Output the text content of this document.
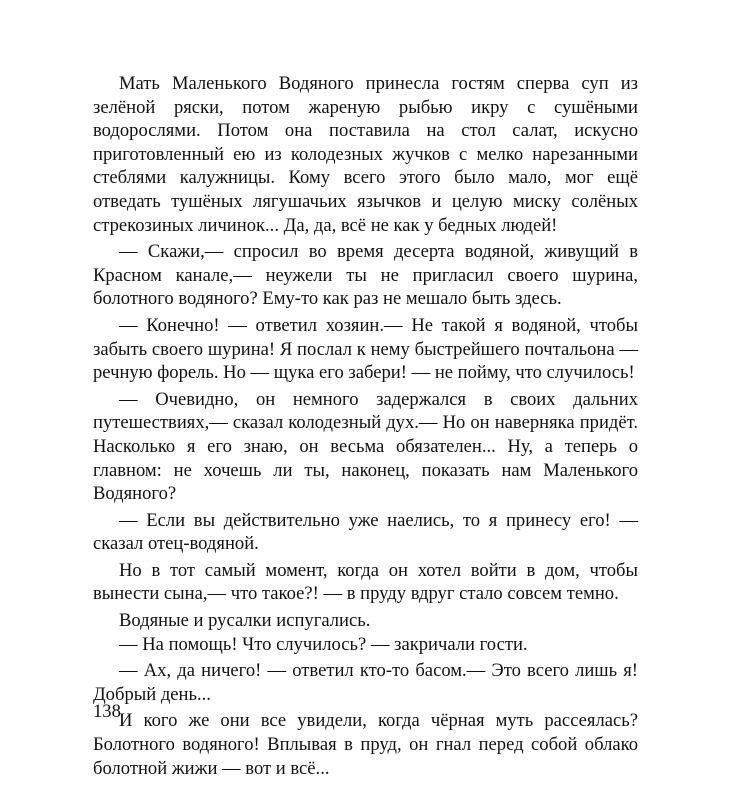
Мать Маленького Водяного принесла гостям сперва суп из зелёной ряски, потом жареную рыбью икру с сушёными водорослями. Потом она поставила на стол салат, искусно приготовленный ею из колодезных жучков с мелко нарезанными стеблями калужницы. Кому всего этого было мало, мог ещё отведать тушёных лягушачьих язычков и целую миску солёных стрекозиных личинок... Да, да, всё не как у бедных людей!

— Скажи,— спросил во время десерта водяной, живущий в Красном канале,— неужели ты не пригласил своего шурина, болотного водяного? Ему-то как раз не мешало быть здесь.

— Конечно! — ответил хозяин.— Не такой я водяной, чтобы забыть своего шурина! Я послал к нему быстрейшего почтальона — речную форель. Но — щука его забери! — не пойму, что случилось!

— Очевидно, он немного задержался в своих дальних путешествиях,— сказал колодезный дух.— Но он наверняка придёт. Насколько я его знаю, он весьма обязателен... Ну, а теперь о главном: не хочешь ли ты, наконец, показать нам Маленького Водяного?

— Если вы действительно уже наелись, то я принесу его! — сказал отец-водяной.

Но в тот самый момент, когда он хотел войти в дом, чтобы вынести сына,— что такое?! — в пруду вдруг стало совсем темно.

Водяные и русалки испугались.

— На помощь! Что случилось? — закричали гости.

— Ах, да ничего! — ответил кто-то басом.— Это всего лишь я! Добрый день...

И кого же они все увидели, когда чёрная муть рассеялась? Болотного водяного! Вплывая в пруд, он гнал перед собой облако болотной жижи — вот и всё...

138
